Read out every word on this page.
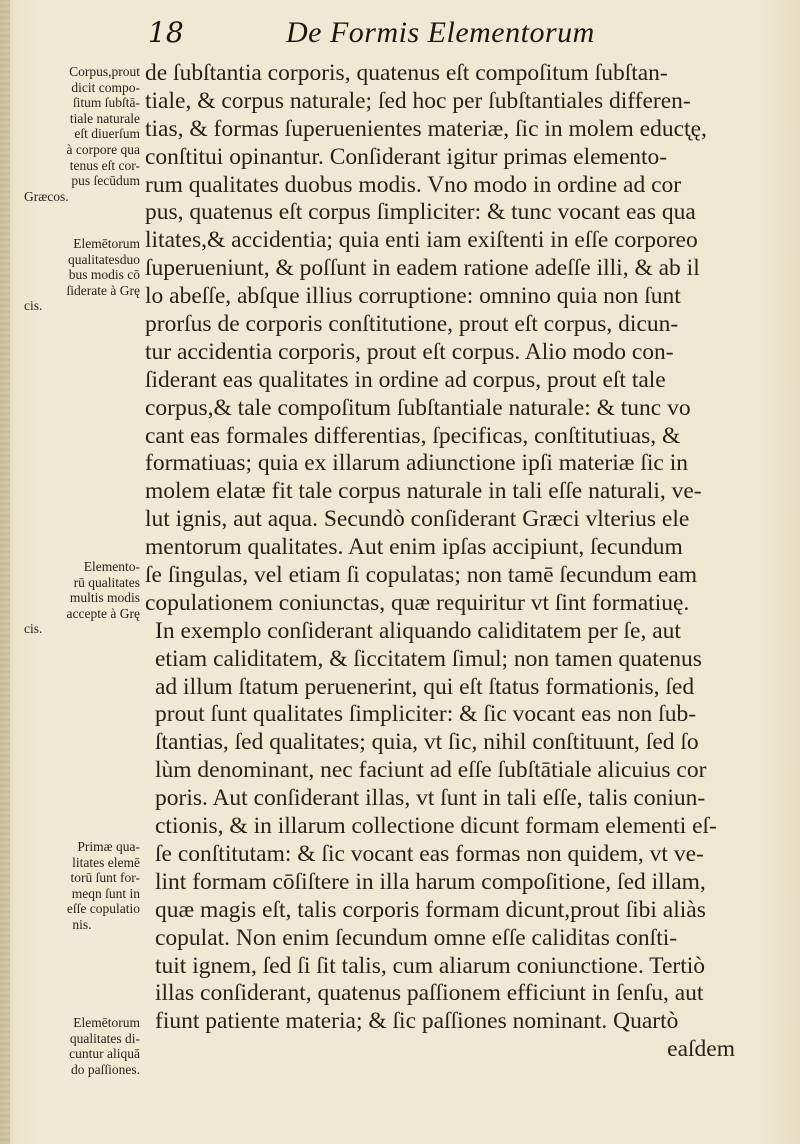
18	De Formis Elementorum
de ſubſtantia corporis, quatenus eſt compoſitum ſubſtan-
tiale, & corpus naturale; ſed hoc per ſubſtantiales differen-
tias, & formas ſuperuenientes materiæ, ſic in molem educt̨ę,
conſtitui opinantur. Conſiderant igitur primas elemento-
rum qualitates duobus modis. Vno modo in ordine ad cor
pus, quatenus eſt corpus ſimpliciter: & tunc vocant eas qua
litates,& accidentia; quia enti iam exiſtenti in eſſe corporeo
ſuperueniunt, & poſſunt in eadem ratione adeſſe illi, & ab il
lo abeſſe, abſque illius corruptione: omnino quia non ſunt
prorſus de corporis conſtitutione, prout eſt corpus, dicun-
tur accidentia corporis, prout eſt corpus. Alio modo con-
ſiderant eas qualitates in ordine ad corpus, prout eſt tale
corpus,& tale compoſitum ſubſtantiale naturale: & tunc vo
cant eas formales differentias, ſpecificas, conſtitutiuas, &
formatiuas; quia ex illarum adiunctione ipſi materiæ ſic in
molem elatæ fit tale corpus naturale in tali eſſe naturali, ve-
lut ignis, aut aqua. Secundò conſiderant Græci vlterius ele
mentorum qualitates. Aut enim ipſas accipiunt, ſecundum
ſe ſingulas, vel etiam ſi copulatas; non tamē ſecundum eam
copulationem coniunctas, quæ requiritur vt ſint formatiuę.
In exemplo conſiderant aliquando caliditatem per ſe, aut
etiam caliditatem, & ſiccitatem ſimul; non tamen quatenus
ad illum ſtatum peruenerint, qui eſt ſtatus formationis, ſed
prout ſunt qualitates ſimpliciter: & ſic vocant eas non ſub-
ſtantias, ſed qualitates; quia, vt ſic, nihil conſtituunt, ſed ſo
lùm denominant, nec faciunt ad eſſe ſubſtātiale alicuius cor
poris. Aut conſiderant illas, vt ſunt in tali eſſe, talis coniun-
ctionis, & in illarum collectione dicunt formam elementi eſ-
ſe conſtitutam: & ſic vocant eas formas non quidem, vt ve-
lint formam cōſiſtere in illa harum compoſitione, ſed illam,
quæ magis eſt, talis corporis formam dicunt,prout ſibi aliàs
copulat. Non enim ſecundum omne eſſe caliditas conſti-
tuit ignem, ſed ſi ſit talis, cum aliarum coniunctione. Tertiò
illas conſiderant, quatenus paſſionem efficiunt in ſenſu, aut
fiunt patiente materia; & ſic paſſiones nominant. Quartò
eaſdem
Corpus,prout
dicit compo-
ſitum ſubſtā-
tiale naturale
eſt diuerſum
à corpore qua
tenus eſt cor-
pus ſecūdum
Græcos.
Elemētorum
qualitatesduo
bus modis cō
ſiderate à Grę
cis.
Elemento-
rū qualitates
multis modis
accepte à Grę
cis.
Primæ qua-
litates elemē
torū ſunt for-
meqn ſunt in
eſſe copulatio
nis.
Elemētorum
qualitates di-
cuntur aliquā
do paſſiones.
